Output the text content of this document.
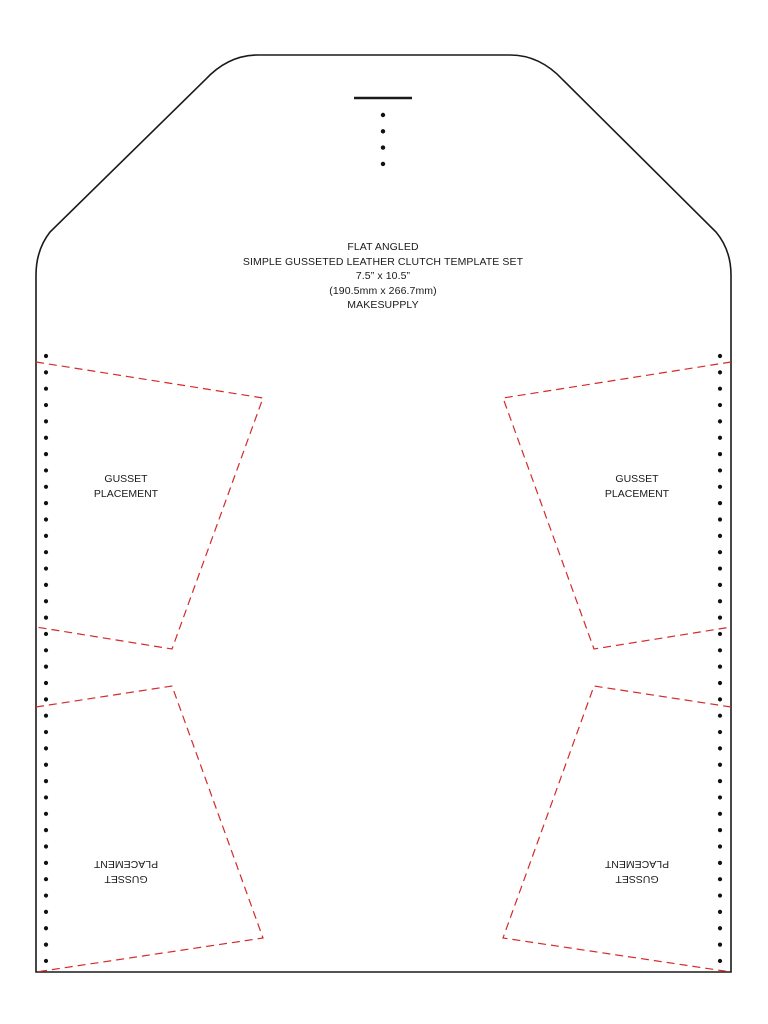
FLAT ANGLED
SIMPLE GUSSETED LEATHER CLUTCH TEMPLATE SET
7.5” x 10.5”
(190.5mm x 266.7mm)
MAKESUPPLY
GUSSET
PLACEMENT
GUSSET
PLACEMENT
GUSSET
PLACEMENT
GUSSET
PLACEMENT
